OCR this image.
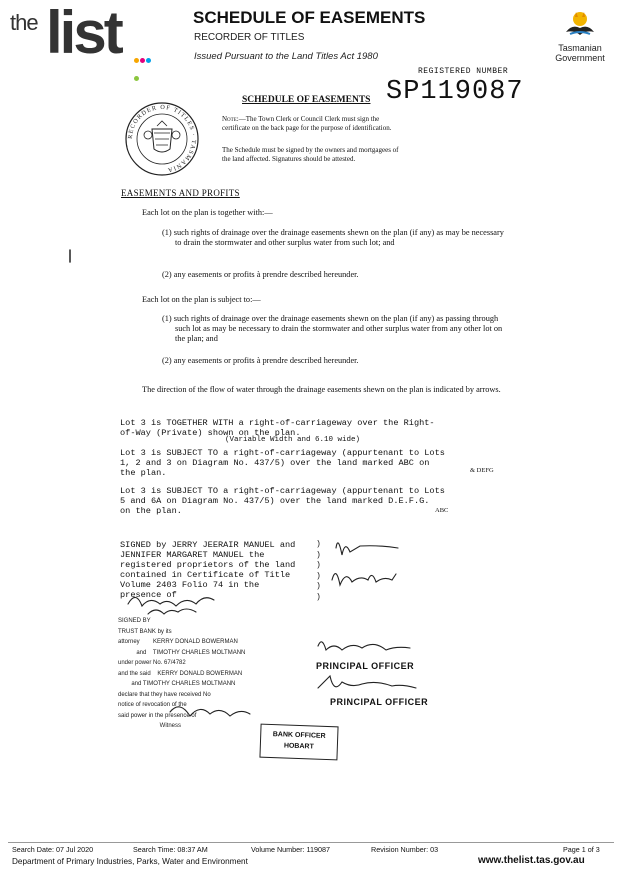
the list	SCHEDULE OF EASEMENTS
RECORDER OF TITLES
Issued Pursuant to the Land Titles Act 1980
Tasmanian
Government
REGISTERED NUMBER
SP119087
RECORDER OF TITLES · TASMANIA
SCHEDULE OF EASEMENTS
Note:—The Town Clerk or Council Clerk must sign the certificate on the back page for the purpose of identification.
The Schedule must be signed by the owners and mortgagees of the land affected. Signatures should be attested.
EASEMENTS AND PROFITS
Each lot on the plan is together with:—
(1) such rights of drainage over the drainage easements shewn on the plan (if any) as may be necessary to drain the stormwater and other surplus water from such lot; and
(2) any easements or profits à prendre described hereunder.
Each lot on the plan is subject to:—
(1) such rights of drainage over the drainage easements shewn on the plan (if any) as passing through such lot as may be necessary to drain the stormwater and other surplus water from any other lot on the plan; and
(2) any easements or profits à prendre described hereunder.
The direction of the flow of water through the drainage easements shewn on the plan is indicated by arrows.
Lot 3 is TOGETHER WITH a right-of-carriageway over the Right-
of-Way (Private) shown on the plan.
(Variable Width and 6.10 wide)
Lot 3 is SUBJECT TO a right-of-carriageway (appurtenant to Lots
1, 2 and 3 on Diagram No. 437/5) over the land marked ABC on
the plan.	& DEFG
Lot 3 is SUBJECT TO a right-of-carriageway (appurtenant to Lots
5 and 6A on Diagram No. 437/5) over the land marked D.E.F.G.
on the plan.	ABC
SIGNED by JERRY JEERAIR MANUEL and
JENNIFER MARGARET MANUEL the
registered proprietors of the land
contained in Certificate of Title
Volume 2403 Folio 74 in the
presence of
)
)
)
)
)
)
SIGNED BY
TRUST BANK by its
attorney        KERRY DONALD BOWERMAN
and    TIMOTHY CHARLES MOLTMANN
under power No. 67/4782
and the said    KERRY DONALD BOWERMAN
and TIMOTHY CHARLES MOLTMANN
declare that they have received No
notice of revocation of the
said power in the presence of
Witness
PRINCIPAL OFFICER
PRINCIPAL OFFICER
BANK OFFICER
HOBART
Search Date: 07 Jul 2020	Search Time: 08:37 AM	Volume Number: 119087	Revision Number: 03	Page 1 of 3
Department of Primary Industries, Parks, Water and Environment	www.thelist.tas.gov.au
